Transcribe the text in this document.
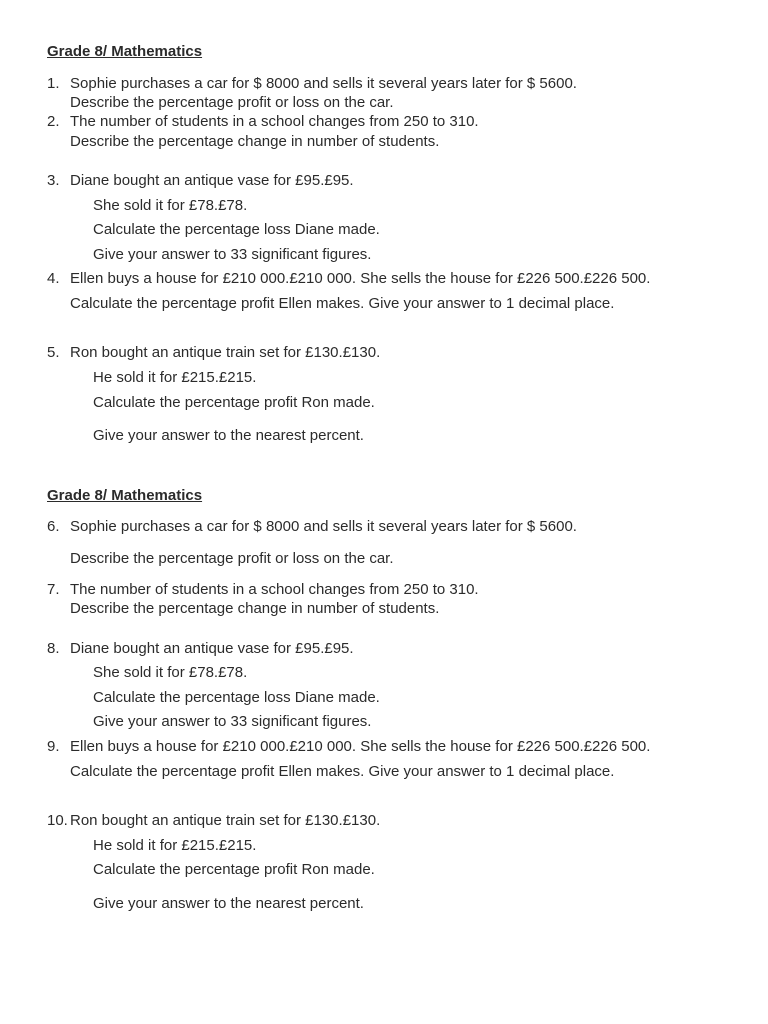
Grade 8/ Mathematics
1. Sophie purchases a car for $ 8000 and sells it several years later for $ 5600.
Describe the percentage profit or loss on the car.
2. The number of students in a school changes from 250 to 310.
Describe the percentage change in number of students.
3. Diane bought an antique vase for £95.£95.
She sold it for £78.£78.
Calculate the percentage loss Diane made.
Give your answer to 33 significant figures.
4. Ellen buys a house for £210 000.£210 000. She sells the house for £226 500.£226 500.
Calculate the percentage profit Ellen makes. Give your answer to 1 decimal place.
5. Ron bought an antique train set for £130.£130.
He sold it for £215.£215.
Calculate the percentage profit Ron made.
Give your answer to the nearest percent.
Grade 8/ Mathematics
6. Sophie purchases a car for $ 8000 and sells it several years later for $ 5600.
Describe the percentage profit or loss on the car.
7. The number of students in a school changes from 250 to 310.
Describe the percentage change in number of students.
8. Diane bought an antique vase for £95.£95.
She sold it for £78.£78.
Calculate the percentage loss Diane made.
Give your answer to 33 significant figures.
9. Ellen buys a house for £210 000.£210 000. She sells the house for £226 500.£226 500.
Calculate the percentage profit Ellen makes. Give your answer to 1 decimal place.
10. Ron bought an antique train set for £130.£130.
He sold it for £215.£215.
Calculate the percentage profit Ron made.
Give your answer to the nearest percent.
